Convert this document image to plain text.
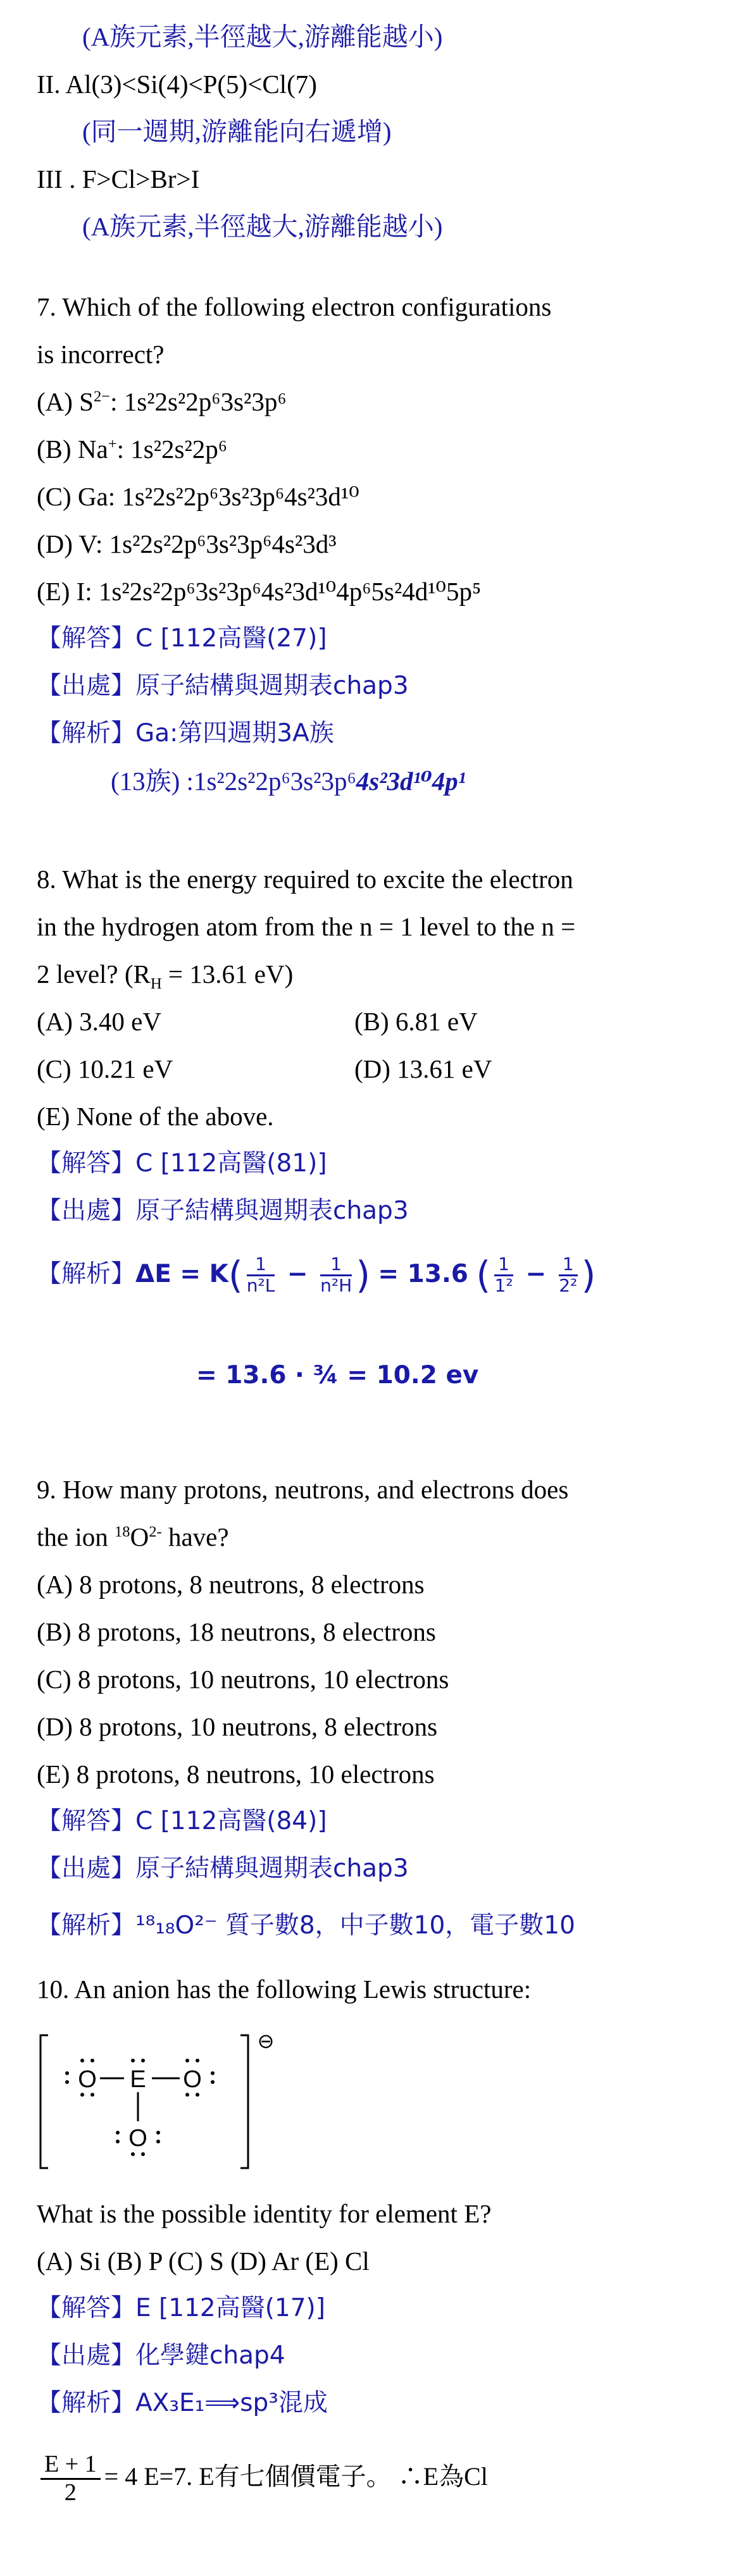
(A族元素,半徑越大,游離能越小)
II. Al(3)<Si(4)<P(5)<Cl(7)
(同一週期,游離能向右遞增)
III . F>Cl>Br>I
(A族元素,半徑越大,游離能越小)
7. Which of the following electron configurations
is incorrect?
(A) $S^{2-}$: 1s²2s²2p⁶3s²3p⁶
(B) Na+: 1s²2s²2p⁶
(C) Ga: 1s²2s²2p⁶3s²3p⁶4s²3d¹⁰
(D) V: 1s²2s²2p⁶3s²3p⁶4s²3d³
(E) I: 1s²2s²2p⁶3s²3p⁶4s²3d¹⁰4p⁶5s²4d¹⁰5p⁵
【解答】C [112高醫(27)]
【出處】原子結構與週期表chap3
【解析】Ga:第四週期3A族
(13族) :1s²2s²2p⁶3s²3p⁶4s²3d¹⁰4p¹
8. What is the energy required to excite the electron
in the hydrogen atom from the n = 1 level to the n =
2 level? ($R_H = 13.61$ eV)
(A) 3.40 eV	(B) 6.81 eV
(C) 10.21 eV	(D) 13.61 eV
(E) None of the above.
【解答】C [112高醫(81)]
【出處】原子結構與週期表chap3
【解析】$\Delta E = K( \frac{1}{\text{n²L}} - \frac{1}{\text{n²H}}$ ) = 13.6 ( $\frac{1}{\text{1²}} - \frac{1}{\text{2²}}$ )
= 13.6 · ¾ = 10.2 ev
9. How many protons, neutrons, and electrons does
the ion $^{18}O^{2-}$ have?
(A) 8 protons, 8 neutrons, 8 electrons
(B) 8 protons, 18 neutrons, 8 electrons
(C) 8 protons, 10 neutrons, 10 electrons
(D) 8 protons, 10 neutrons, 8 electrons
(E) 8 protons, 8 neutrons, 10 electrons
【解答】C [112高醫(84)]
【出處】原子結構與週期表chap3
【解析】¹⁸₁₈O²⁻ 質子數8，中子數10，電子數10
10. An anion has the following Lewis structure:
O E O
O
⊖
What is the possible identity for element E?
(A) Si (B) P (C) S (D) Ar (E) Cl
【解答】E [112高醫(17)]
【出處】化學鍵chap4
【解析】AX₃E₁⟹sp³混成
$\frac{E + 1}{2} = 4$ E=7. E有七個價電子。 ∴E為Cl
